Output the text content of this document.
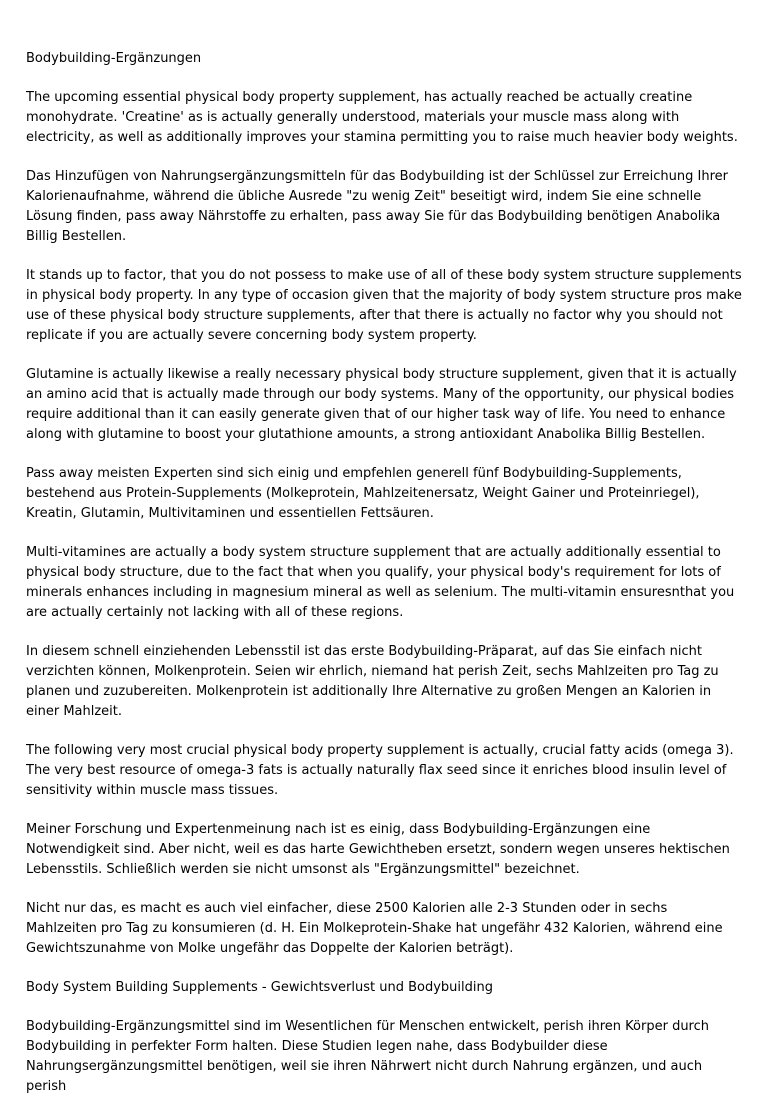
Bodybuilding-Ergänzungen

The upcoming essential physical body property supplement, has actually reached be actually creatine monohydrate. 'Creatine' as is actually generally understood, materials your muscle mass along with electricity, as well as additionally improves your stamina permitting you to raise much heavier body weights.

Das Hinzufügen von Nahrungsergänzungsmitteln für das Bodybuilding ist der Schlüssel zur Erreichung Ihrer Kalorienaufnahme, während die übliche Ausrede "zu wenig Zeit" beseitigt wird, indem Sie eine schnelle Lösung finden, pass away Nährstoffe zu erhalten, pass away Sie für das Bodybuilding benötigen Anabolika Billig Bestellen.

It stands up to factor, that you do not possess to make use of all of these body system structure supplements in physical body property. In any type of occasion given that the majority of body system structure pros make use of these physical body structure supplements, after that there is actually no factor why you should not replicate if you are actually severe concerning body system property.

Glutamine is actually likewise a really necessary physical body structure supplement, given that it is actually an amino acid that is actually made through our body systems. Many of the opportunity, our physical bodies require additional than it can easily generate given that of our higher task way of life. You need to enhance along with glutamine to boost your glutathione amounts, a strong antioxidant Anabolika Billig Bestellen.

Pass away meisten Experten sind sich einig und empfehlen generell fünf Bodybuilding-Supplements, bestehend aus Protein-Supplements (Molkeprotein, Mahlzeitenersatz, Weight Gainer und Proteinriegel), Kreatin, Glutamin, Multivitaminen und essentiellen Fettsäuren.

Multi-vitamines are actually a body system structure supplement that are actually additionally essential to physical body structure, due to the fact that when you qualify, your physical body's requirement for lots of minerals enhances including in magnesium mineral as well as selenium. The multi-vitamin ensuresnthat you are actually certainly not lacking with all of these regions.

In diesem schnell einziehenden Lebensstil ist das erste Bodybuilding-Präparat, auf das Sie einfach nicht verzichten können, Molkenprotein. Seien wir ehrlich, niemand hat perish Zeit, sechs Mahlzeiten pro Tag zu planen und zuzubereiten. Molkenprotein ist additionally Ihre Alternative zu großen Mengen an Kalorien in einer Mahlzeit.

The following very most crucial physical body property supplement is actually, crucial fatty acids (omega 3). The very best resource of omega-3 fats is actually naturally flax seed since it enriches blood insulin level of sensitivity within muscle mass tissues.

Meiner Forschung und Expertenmeinung nach ist es einig, dass Bodybuilding-Ergänzungen eine Notwendigkeit sind. Aber nicht, weil es das harte Gewichtheben ersetzt, sondern wegen unseres hektischen Lebensstils. Schließlich werden sie nicht umsonst als "Ergänzungsmittel" bezeichnet.

Nicht nur das, es macht es auch viel einfacher, diese 2500 Kalorien alle 2-3 Stunden oder in sechs Mahlzeiten pro Tag zu konsumieren (d. H. Ein Molkeprotein-Shake hat ungefähr 432 Kalorien, während eine Gewichtszunahme von Molke ungefähr das Doppelte der Kalorien beträgt).

Body System Building Supplements - Gewichtsverlust und Bodybuilding

Bodybuilding-Ergänzungsmittel sind im Wesentlichen für Menschen entwickelt, perish ihren Körper durch Bodybuilding in perfekter Form halten. Diese Studien legen nahe, dass Bodybuilder diese Nahrungsergänzungsmittel benötigen, weil sie ihren Nährwert nicht durch Nahrung ergänzen, und auch perish
